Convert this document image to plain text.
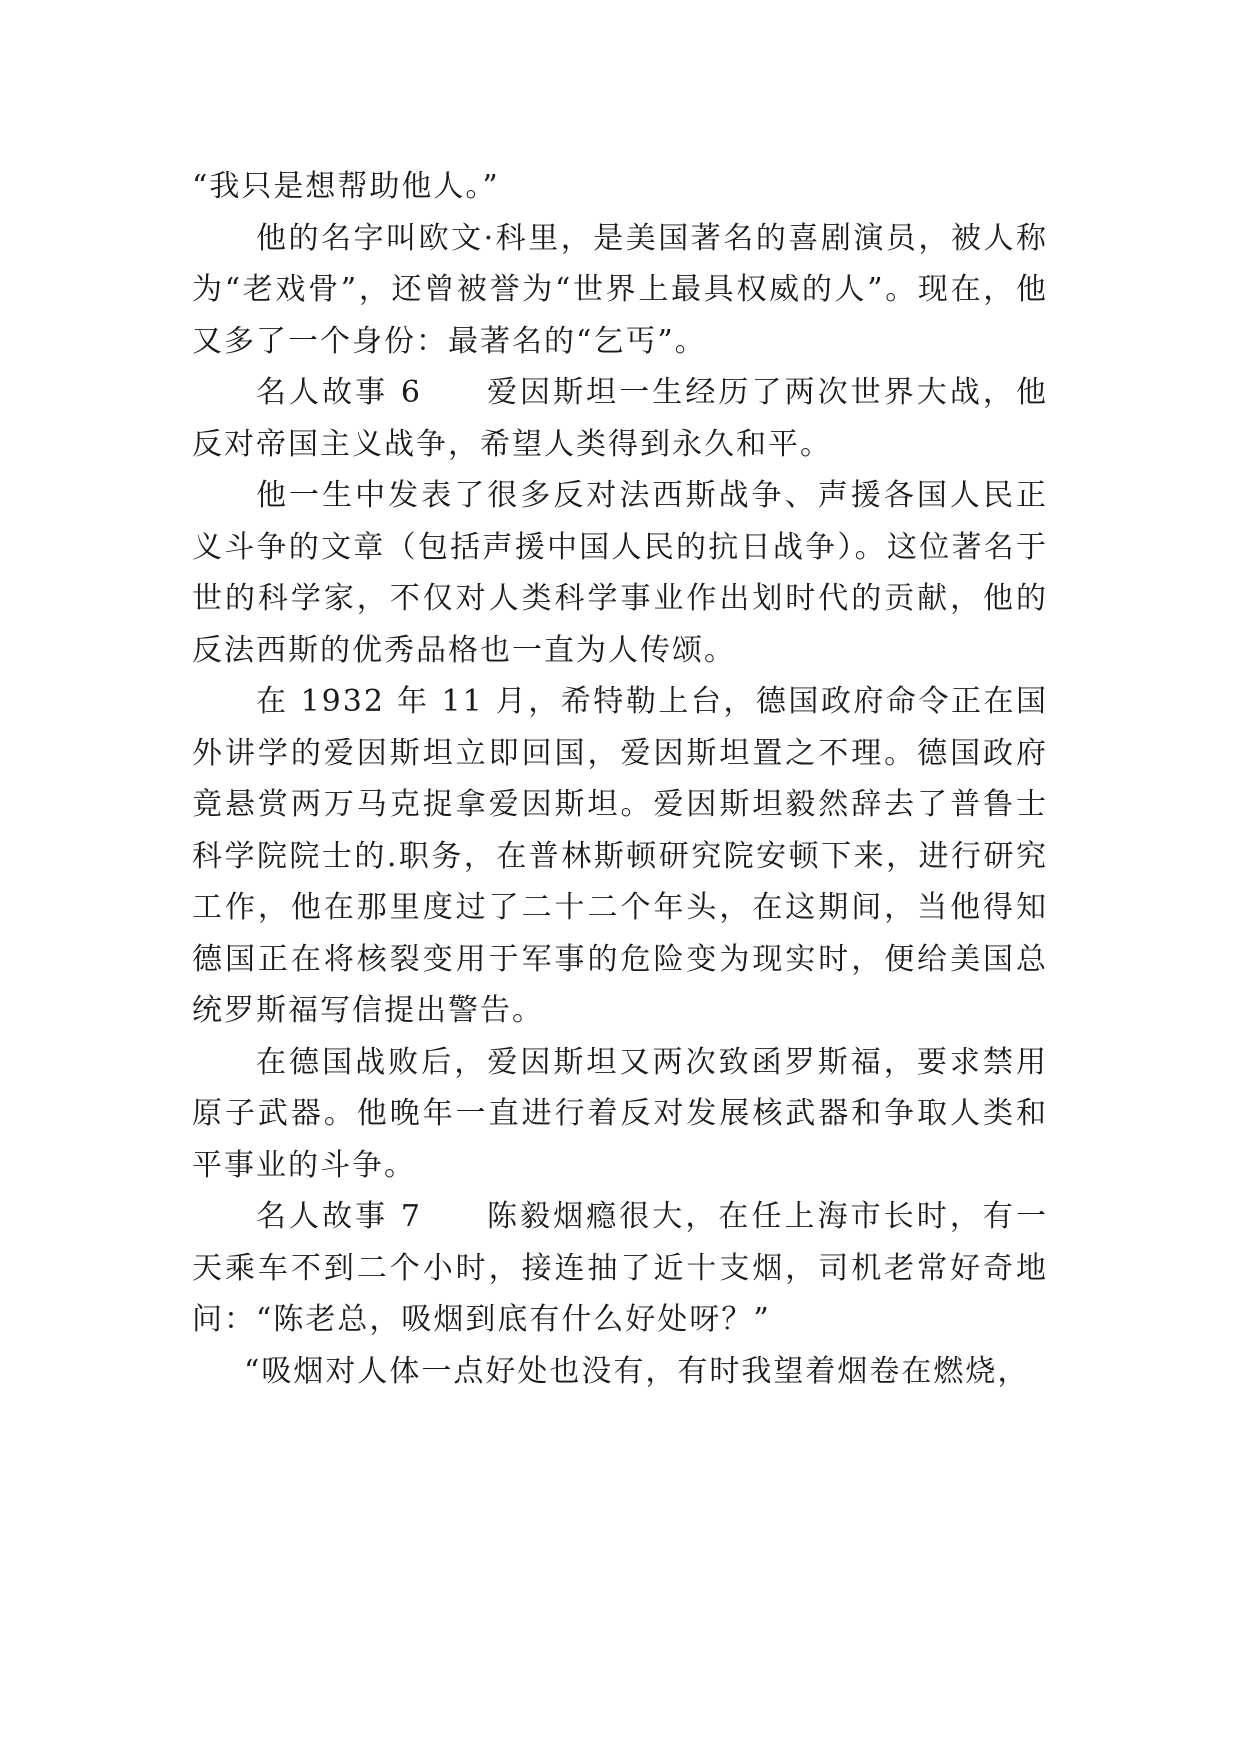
“我只是想帮助他人。”

他的名字叫欧文·科里，是美国著名的喜剧演员，被人称为“老戏骨”，还曾被誉为“世界上最具权威的人”。现在，他又多了一个身份：最著名的“乞丐”。

名人故事 6 爱因斯坦一生经历了两次世界大战，他反对帝国主义战争，希望人类得到永久和平。

他一生中发表了很多反对法西斯战争、声援各国人民正义斗争的文章（包括声援中国人民的抗日战争）。这位著名于世的科学家，不仅对人类科学事业作出划时代的贡献，他的反法西斯的优秀品格也一直为人传颂。

在 1932 年 11 月，希特勒上台，德国政府命令正在国外讲学的爱因斯坦立即回国，爱因斯坦置之不理。德国政府竟悬赏两万马克捉拿爱因斯坦。爱因斯坦毅然辞去了普鲁士科学院院士的.职务，在普林斯顿研究院安顿下来，进行研究工作，他在那里度过了二十二个年头，在这期间，当他得知德国正在将核裂变用于军事的危险变为现实时，便给美国总统罗斯福写信提出警告。

在德国战败后，爱因斯坦又两次致函罗斯福，要求禁用原子武器。他晚年一直进行着反对发展核武器和争取人类和平事业的斗争。

名人故事 7 陈毅烟瘾很大，在任上海市长时，有一天乘车不到二个小时，接连抽了近十支烟，司机老常好奇地问：“陈老总，吸烟到底有什么好处呀？”

“吸烟对人体一点好处也没有，有时我望着烟卷在燃烧，
